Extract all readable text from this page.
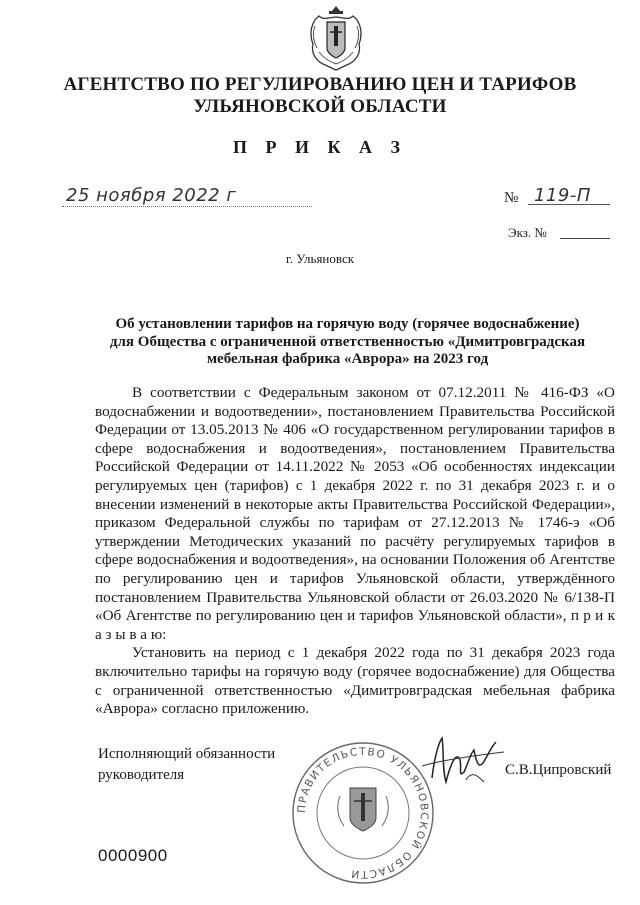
АГЕНТСТВО ПО РЕГУЛИРОВАНИЮ ЦЕН И ТАРИФОВ
УЛЬЯНОВСКОЙ ОБЛАСТИ
П Р И К А З
25 ноября 2022 г	№ 119-П
Экз. №
г. Ульяновск
Об установлении тарифов на горячую воду (горячее водоснабжение)
для Общества с ограниченной ответственностью «Димитровградская
мебельная фабрика «Аврора» на 2023 год

В соответствии с Федеральным законом от 07.12.2011 № 416-ФЗ «О водоснабжении и водоотведении», постановлением Правительства Российской Федерации от 13.05.2013 № 406 «О государственном регулировании тарифов в сфере водоснабжения и водоотведения», постановлением Правительства Российской Федерации от 14.11.2022 № 2053 «Об особенностях индексации регулируемых цен (тарифов) с 1 декабря 2022 г. по 31 декабря 2023 г. и о внесении изменений в некоторые акты Правительства Российской Федерации», приказом Федеральной службы по тарифам от 27.12.2013 № 1746-э «Об утверждении Методических указаний по расчёту регулируемых тарифов в сфере водоснабжения и водоотведения», на основании Положения об Агентстве по регулированию цен и тарифов Ульяновской области, утверждённого постановлением Правительства Ульяновской области от 26.03.2020 № 6/138-П «Об Агентстве по регулированию цен и тарифов Ульяновской области», п р и к а з ы в а ю:

Установить на период с 1 декабря 2022 года по 31 декабря 2023 года включительно тарифы на горячую воду (горячее водоснабжение) для Общества с ограниченной ответственностью «Димитровградская мебельная фабрика «Аврора» согласно приложению.

Исполняющий обязанности
руководителя
ПРАВИТЕЛЬСТВО УЛЬЯНОВСКОЙ ОБЛАСТИ
С.В.Ципровский
0000900
